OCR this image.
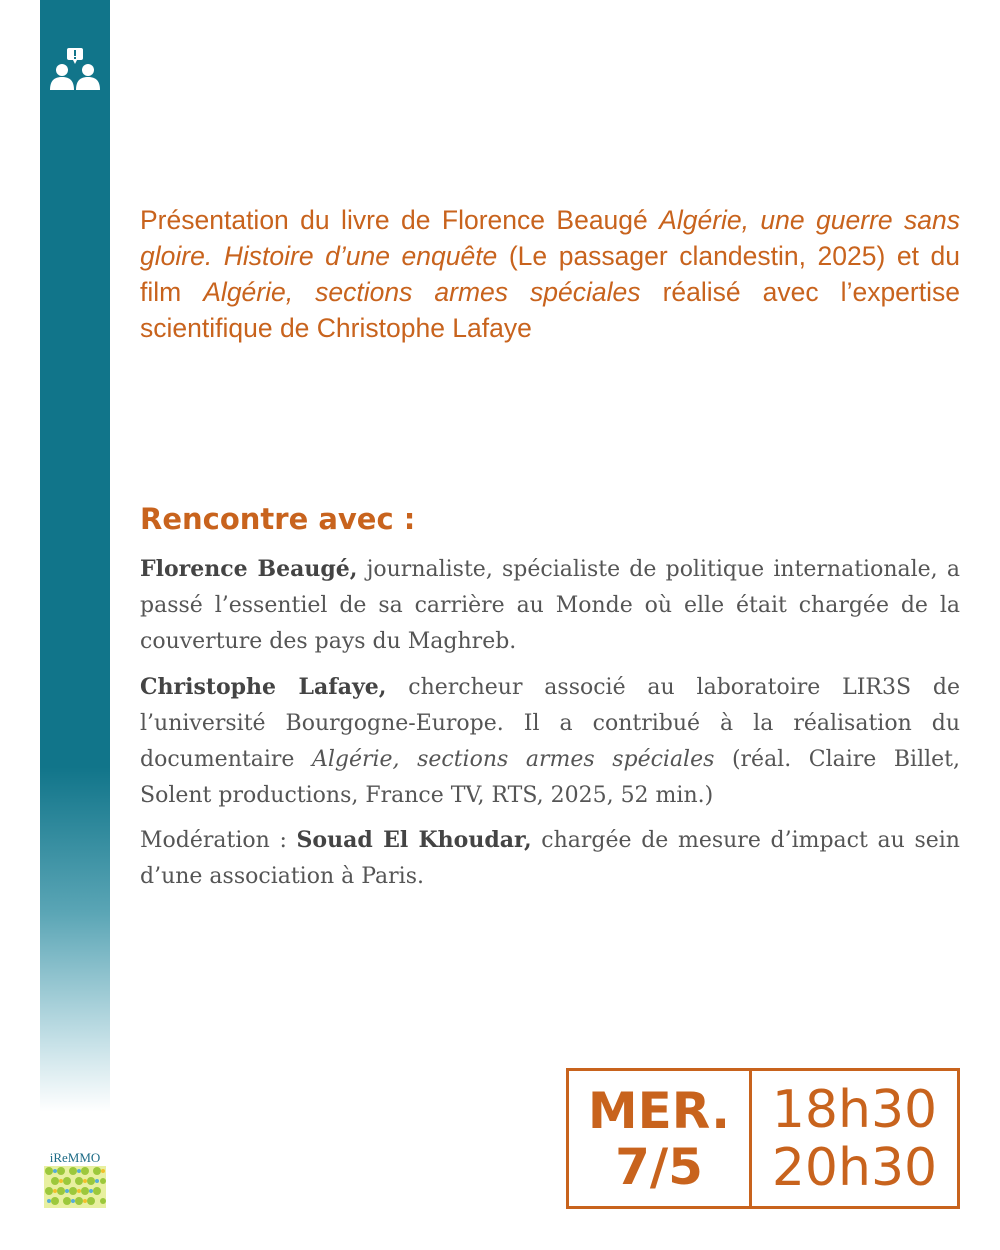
CONTROVERSE
iReMMO
Présentation du livre de Florence Beaugé Algérie, une guerre sans gloire. Histoire d’une enquête (Le passager clandestin, 2025) et du film Algérie, sections armes spéciales réalisé avec l’expertise scientifique de Christophe Lafaye
Rencontre avec :

Florence Beaugé, journaliste, spécialiste de politique internationale, a passé l’essentiel de sa carrière au Monde où elle était chargée de la couverture des pays du Maghreb.

Christophe Lafaye, chercheur associé au laboratoire LIR3S de l’université Bourgogne-Europe. Il a contribué à la réalisation du documentaire Algérie, sections armes spéciales (réal. Claire Billet, Solent productions, France TV, RTS, 2025, 52 min.)

Modération : Souad El Khoudar, chargée de mesure d’impact au sein d’une association à Paris.

MER.
7/5
18h30
20h30
